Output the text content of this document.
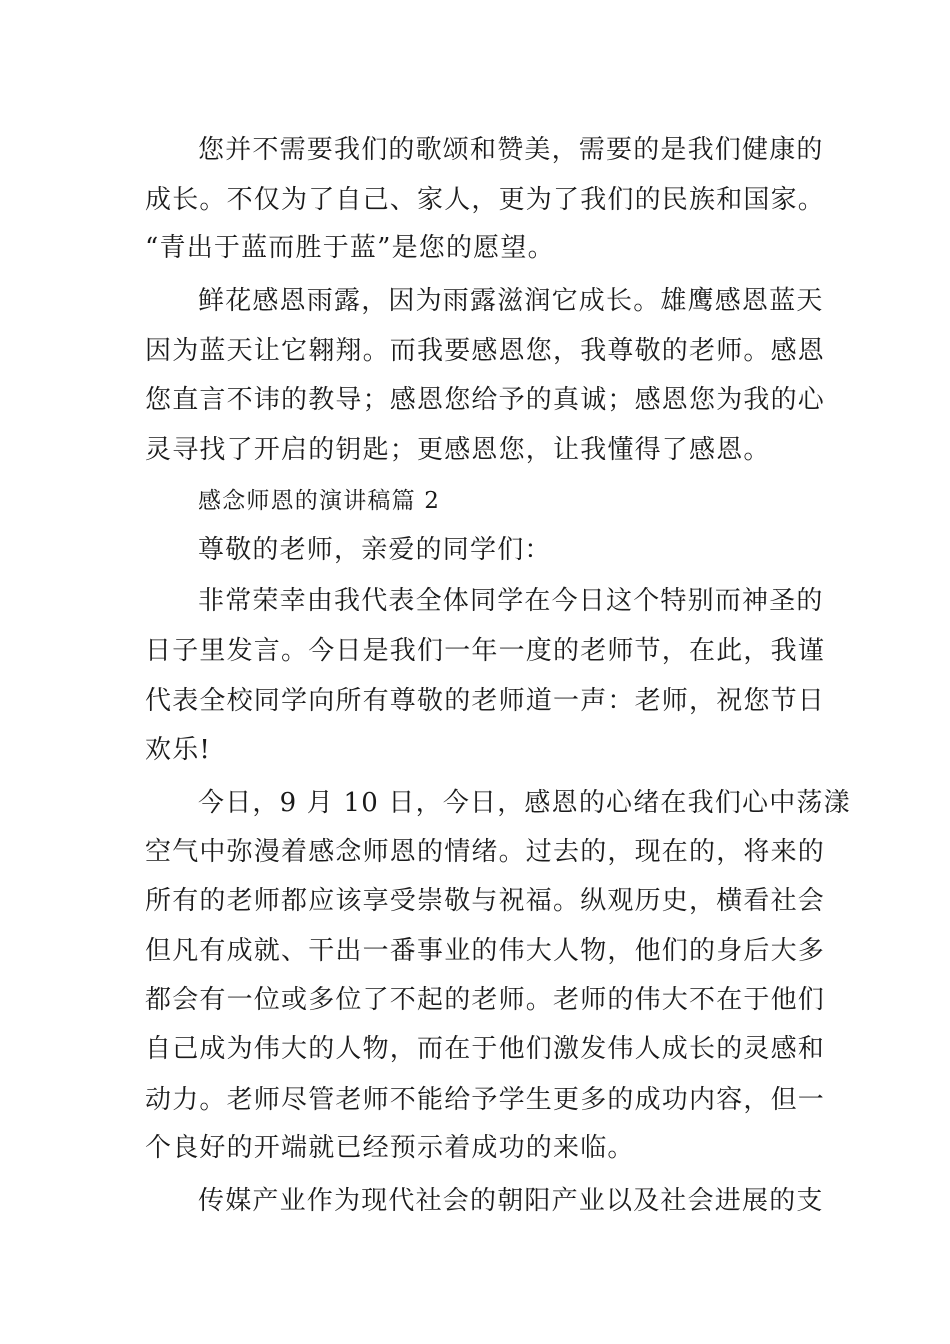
您并不需要我们的歌颂和赞美，需要的是我们健康的
成长。不仅为了自己、家人，更为了我们的民族和国家。
“青出于蓝而胜于蓝”是您的愿望。
鲜花感恩雨露，因为雨露滋润它成长。雄鹰感恩蓝天
因为蓝天让它翱翔。而我要感恩您，我尊敬的老师。感恩
您直言不讳的教导；感恩您给予的真诚；感恩您为我的心
灵寻找了开启的钥匙；更感恩您，让我懂得了感恩。
感念师恩的演讲稿篇 2
尊敬的老师，亲爱的同学们：
非常荣幸由我代表全体同学在今日这个特别而神圣的
日子里发言。今日是我们一年一度的老师节，在此，我谨
代表全校同学向所有尊敬的老师道一声：老师，祝您节日
欢乐!
今日，9 月 10 日，今日，感恩的心绪在我们心中荡漾
空气中弥漫着感念师恩的情绪。过去的，现在的，将来的
所有的老师都应该享受崇敬与祝福。纵观历史，横看社会
但凡有成就、干出一番事业的伟大人物，他们的身后大多
都会有一位或多位了不起的老师。老师的伟大不在于他们
自己成为伟大的人物，而在于他们激发伟人成长的灵感和
动力。老师尽管老师不能给予学生更多的成功内容，但一
个良好的开端就已经预示着成功的来临。
传媒产业作为现代社会的朝阳产业以及社会进展的支
